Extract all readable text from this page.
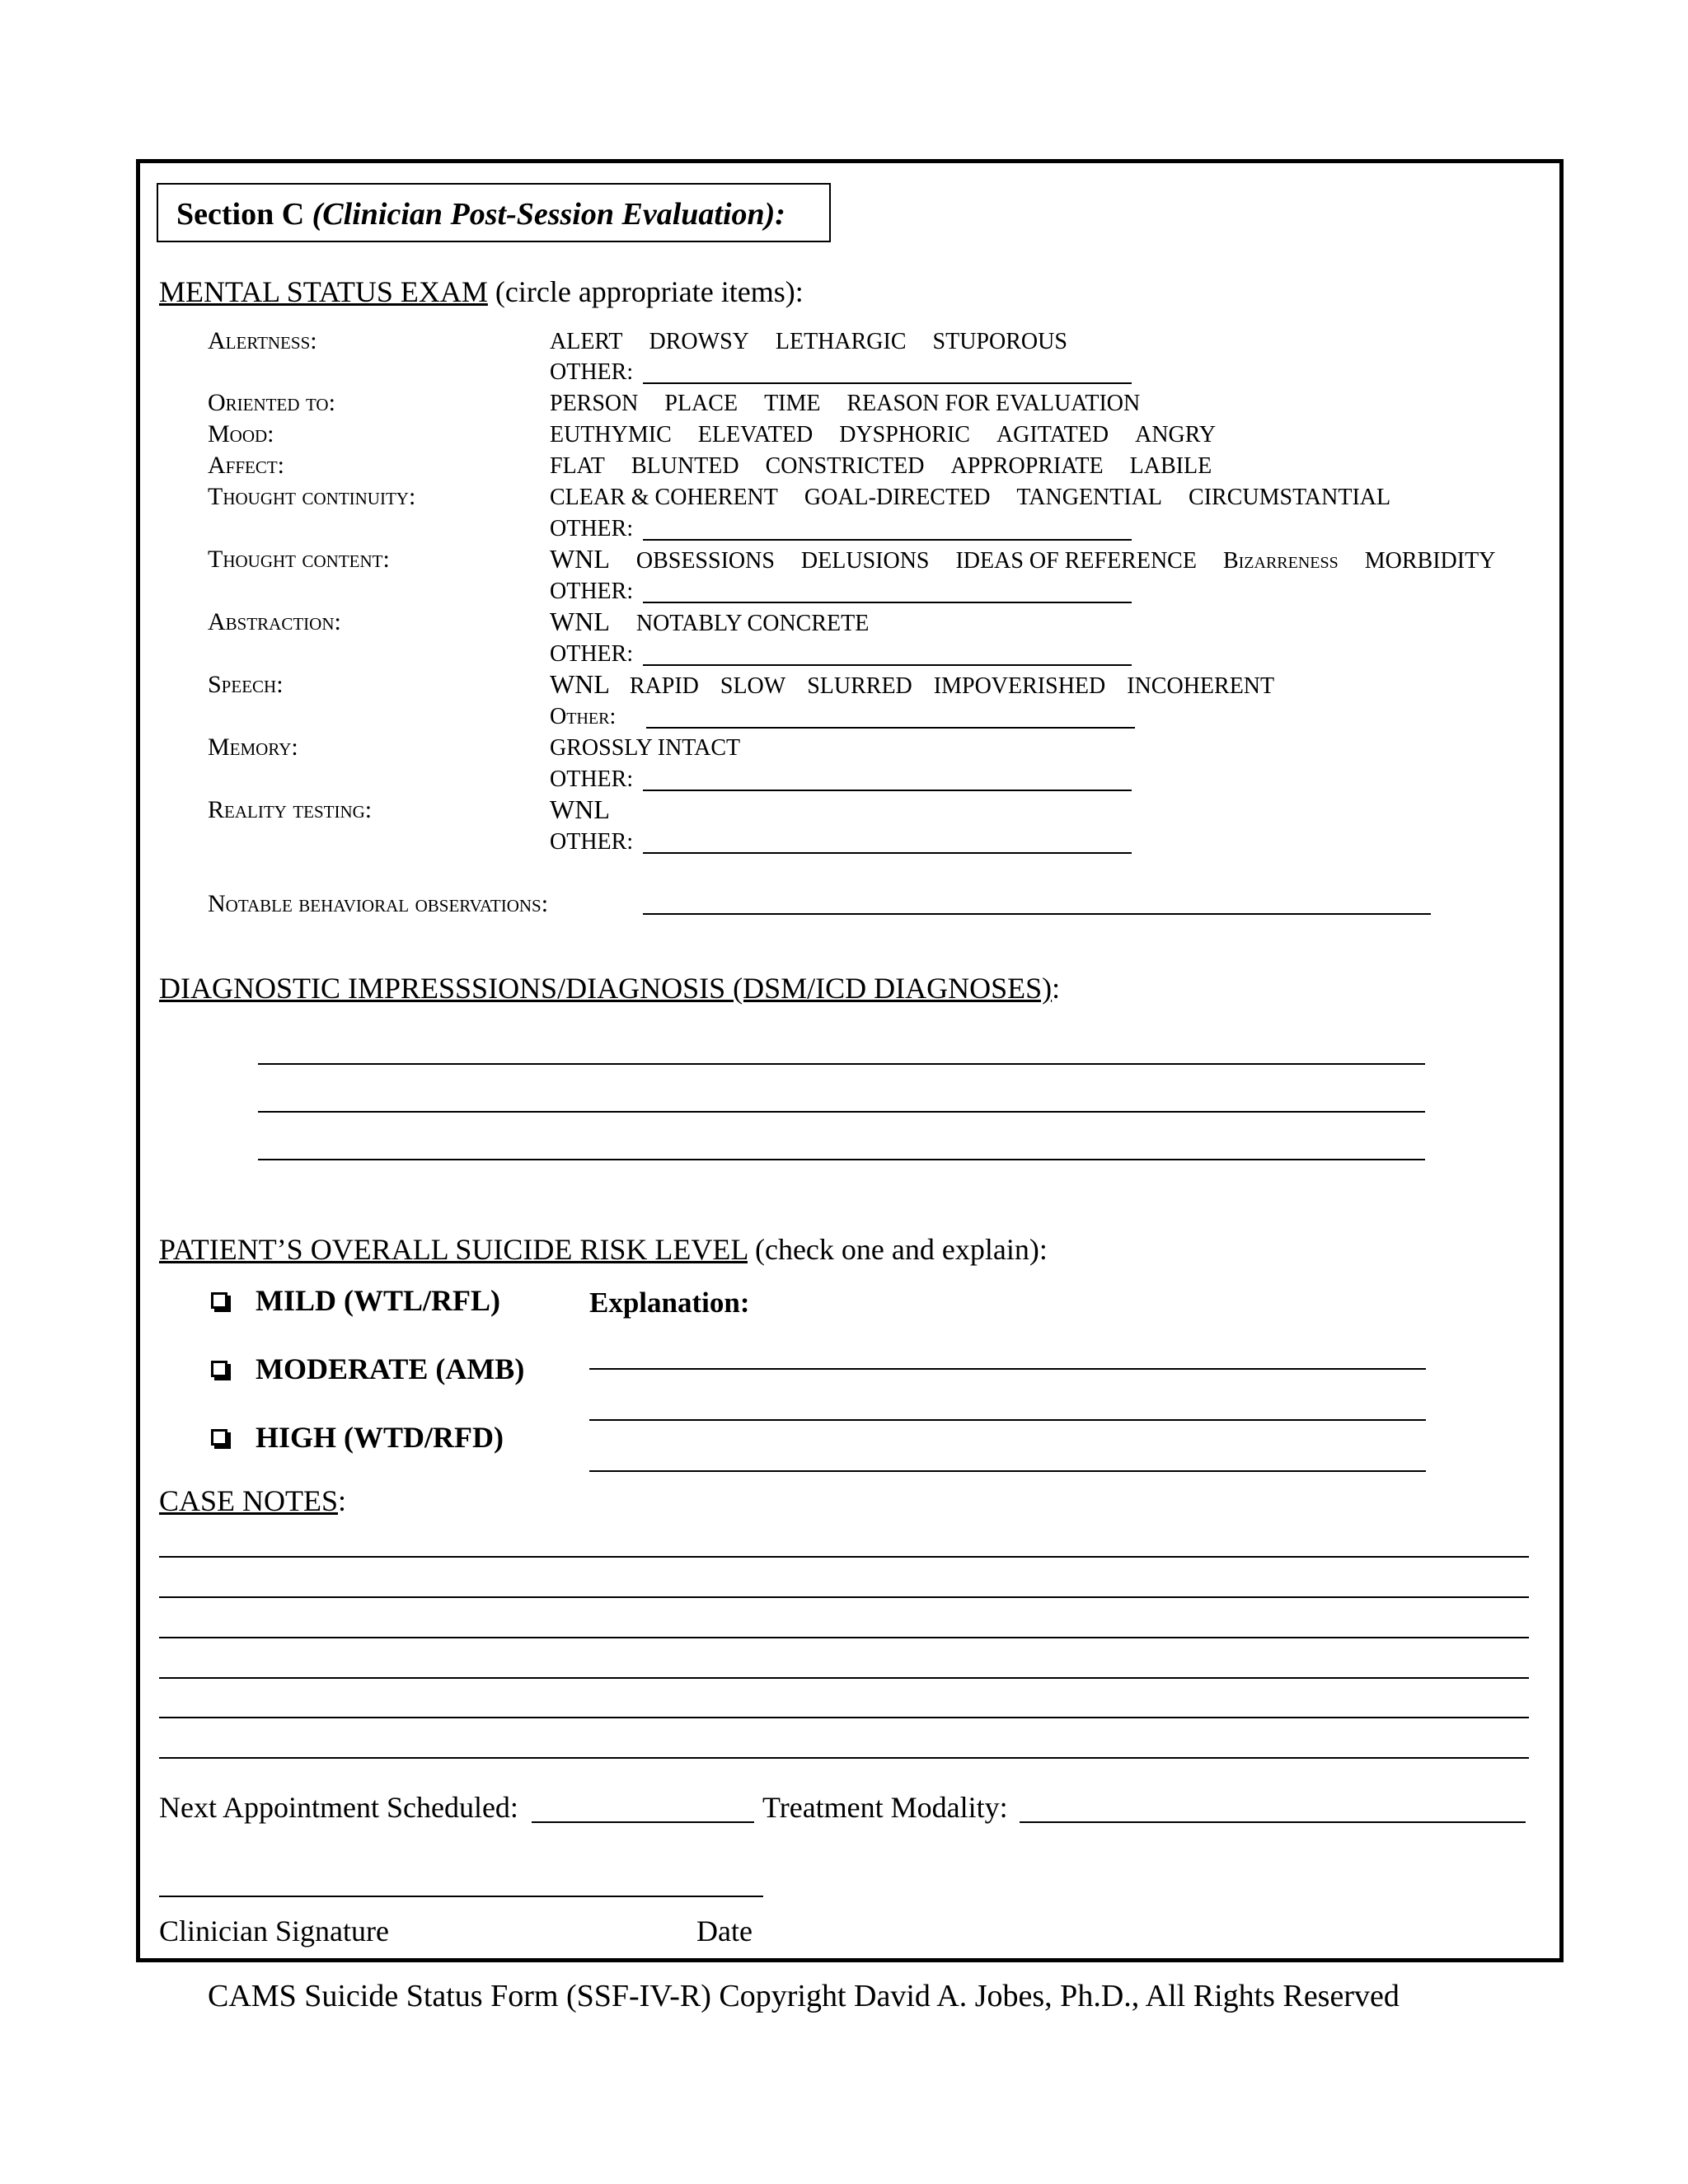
Section C (Clinician Post-Session Evaluation):
MENTAL STATUS EXAM (circle appropriate items):
Alertness:	ALERT DROWSY LETHARGIC STUPOROUS
OTHER:
Oriented to:	PERSON PLACE TIME REASON FOR EVALUATION
Mood:	EUTHYMIC ELEVATED DYSPHORIC AGITATED ANGRY
Affect:	FLAT BLUNTED CONSTRICTED APPROPRIATE LABILE
Thought continuity:	CLEAR & COHERENT GOAL-DIRECTED TANGENTIAL CIRCUMSTANTIAL
OTHER:
Thought content:	WNL OBSESSIONS DELUSIONS IDEAS OF REFERENCE Bizarreness MORBIDITY
OTHER:
Abstraction:	WNL NOTABLY CONCRETE
OTHER:
Speech:	WNL RAPID SLOW SLURRED IMPOVERISHED INCOHERENT
Other:
Memory:	GROSSLY INTACT
OTHER:
Reality testing:	WNL
OTHER:
Notable behavioral observations:
DIAGNOSTIC IMPRESSSIONS/DIAGNOSIS (DSM/ICD DIAGNOSES):
PATIENT’S OVERALL SUICIDE RISK LEVEL (check one and explain):
MILD (WTL/RFL)
MODERATE (AMB)
HIGH (WTD/RFD)
Explanation:
CASE NOTES:
Next Appointment Scheduled:	Treatment Modality:
Clinician Signature	Date
CAMS Suicide Status Form (SSF-IV-R) Copyright David A. Jobes, Ph.D., All Rights Reserved
